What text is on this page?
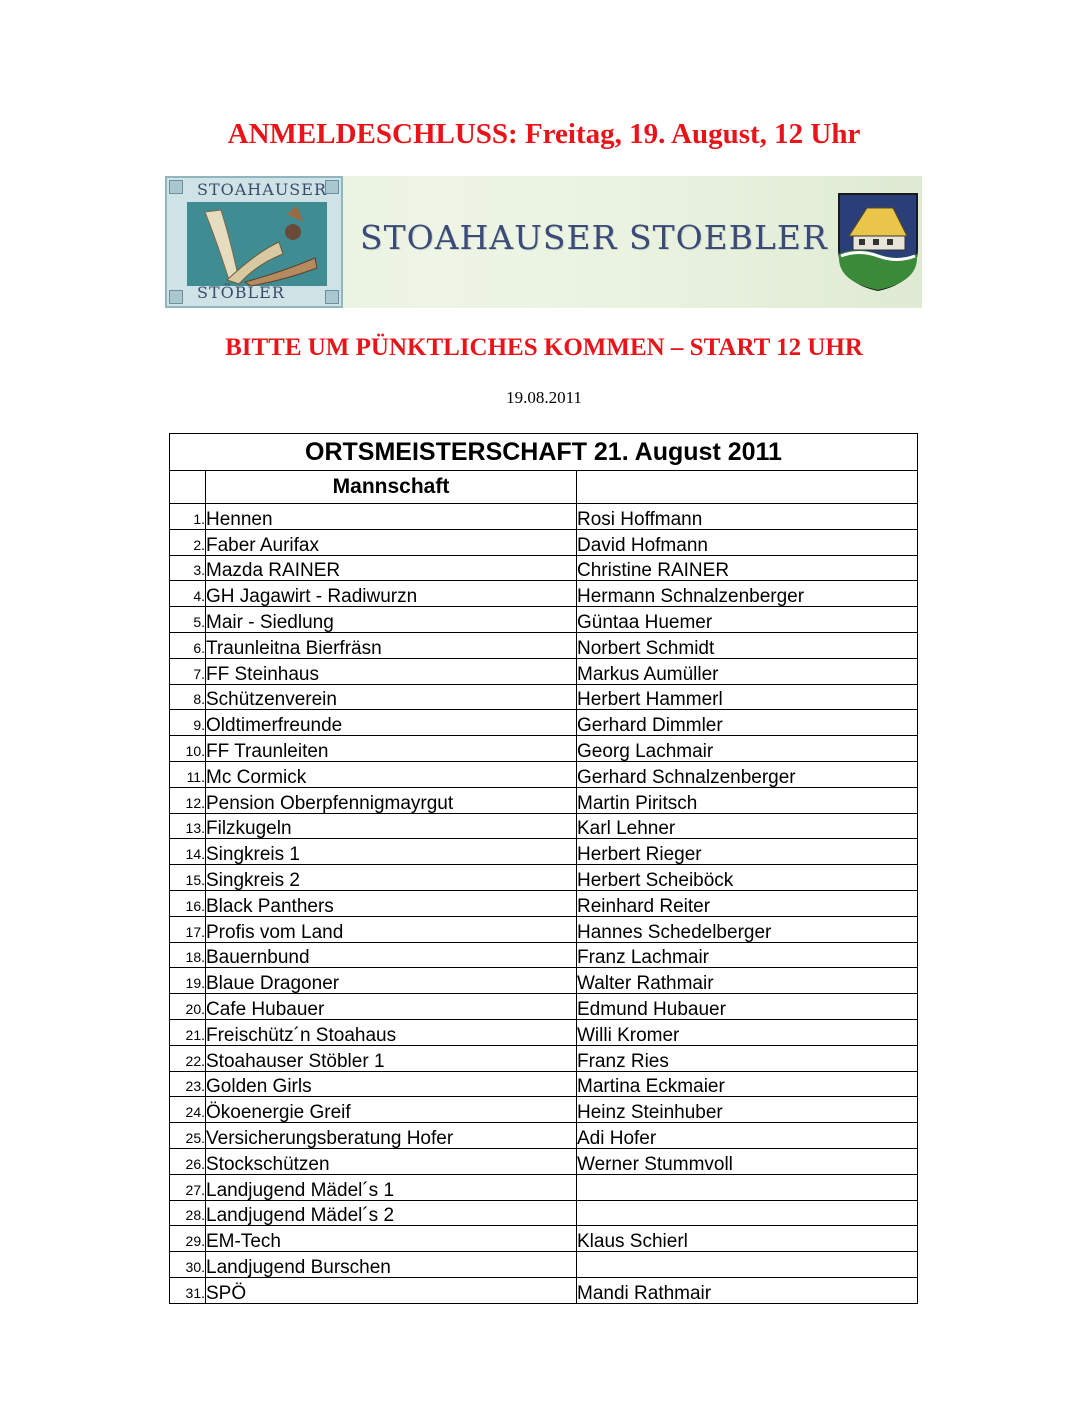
ANMELDESCHLUSS: Freitag, 19. August, 12 Uhr
STOAHAUSER
STÖBLER
STOAHAUSER STOEBLER
BITTE UM PÜNKTLICHES KOMMEN – START 12 UHR
19.08.2011
ORTSMEISTERSCHAFT 21. August 2011		
	Mannschaft	
1.	Hennen	Rosi Hoffmann
2.	Faber Aurifax	David Hofmann
3.	Mazda RAINER	Christine RAINER
4.	GH Jagawirt - Radiwurzn	Hermann Schnalzenberger
5.	Mair - Siedlung	Güntaa Huemer
6.	Traunleitna Bierfräsn	Norbert Schmidt
7.	FF Steinhaus	Markus Aumüller
8.	Schützenverein	Herbert Hammerl
9.	Oldtimerfreunde	Gerhard Dimmler
10.	FF Traunleiten	Georg Lachmair
11.	Mc Cormick	Gerhard Schnalzenberger
12.	Pension Oberpfennigmayrgut	Martin Piritsch
13.	Filzkugeln	Karl Lehner
14.	Singkreis 1	Herbert Rieger
15.	Singkreis 2	Herbert Scheiböck
16.	Black Panthers	Reinhard Reiter
17.	Profis vom Land	Hannes Schedelberger
18.	Bauernbund	Franz Lachmair
19.	Blaue Dragoner	Walter Rathmair
20.	Cafe Hubauer	Edmund Hubauer
21.	Freischütz´n Stoahaus	Willi Kromer
22.	Stoahauser Stöbler 1	Franz Ries
23.	Golden Girls	Martina Eckmaier
24.	Ökoenergie Greif	Heinz Steinhuber
25.	Versicherungsberatung Hofer	Adi Hofer
26.	Stockschützen	Werner Stummvoll
27.	Landjugend Mädel´s 1	
28.	Landjugend Mädel´s 2	
29.	EM-Tech	Klaus Schierl
30.	Landjugend Burschen	
31.	SPÖ	Mandi Rathmair
